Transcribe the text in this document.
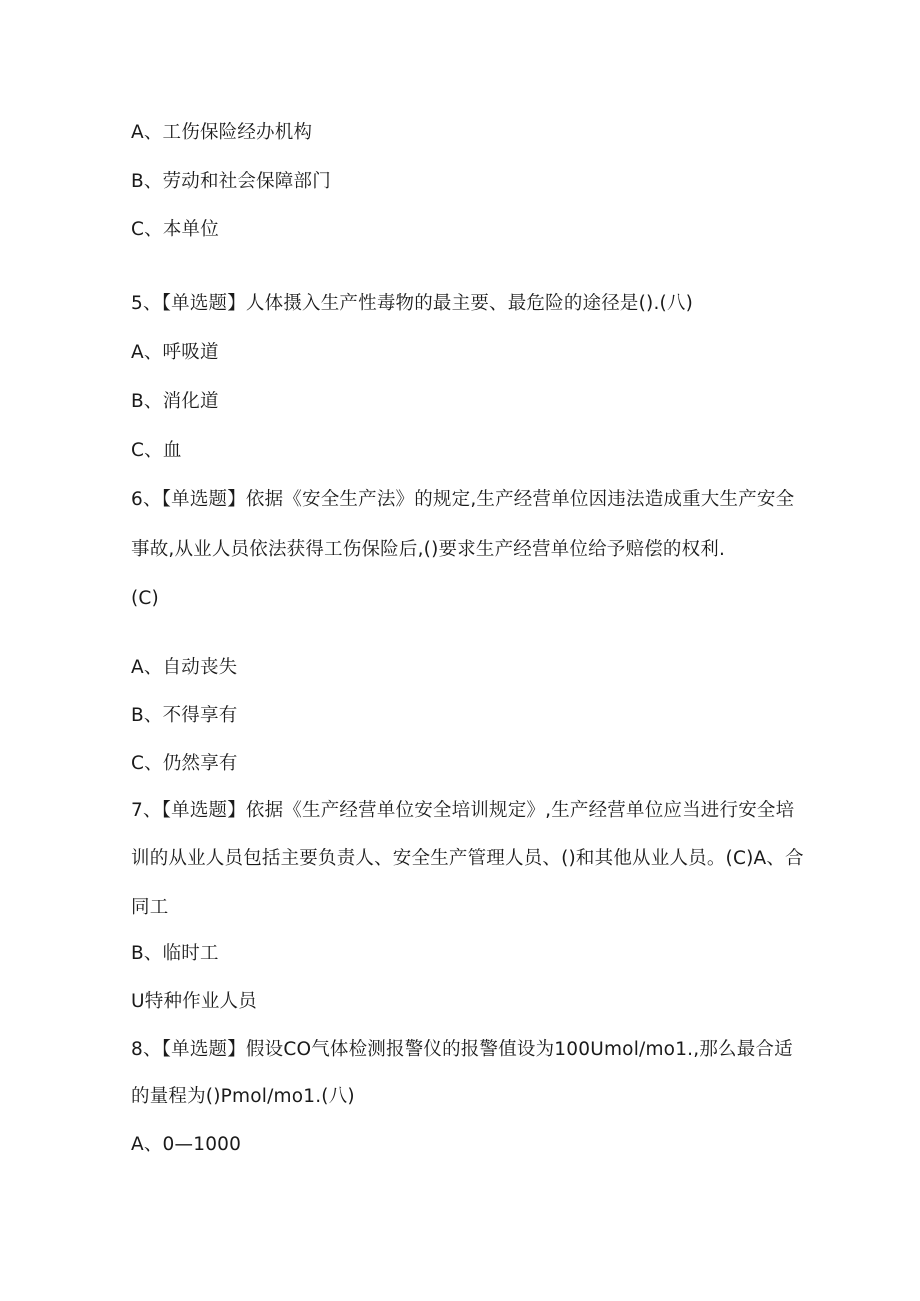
A、工伤保险经办机构
B、劳动和社会保障部门
C、本单位
5、【单选题】人体摄入生产性毒物的最主要、最危险的途径是().(八)
A、呼吸道
B、消化道
C、血
6、【单选题】依据《安全生产法》的规定,生产经营单位因违法造成重大生产安全
事故,从业人员依法获得工伤保险后,()要求生产经营单位给予赔偿的权利.
(C)
A、自动丧失
B、不得享有
C、仍然享有
7、【单选题】依据《生产经营单位安全培训规定》,生产经营单位应当进行安全培
训的从业人员包括主要负责人、安全生产管理人员、()和其他从业人员。(C)A、合
同工
B、临时工
U特种作业人员
8、【单选题】假设CO气体检测报警仪的报警值设为100Umol∕mo1.,那么最合适
的量程为()Pmol∕mo1.(八)
A、0—1000
